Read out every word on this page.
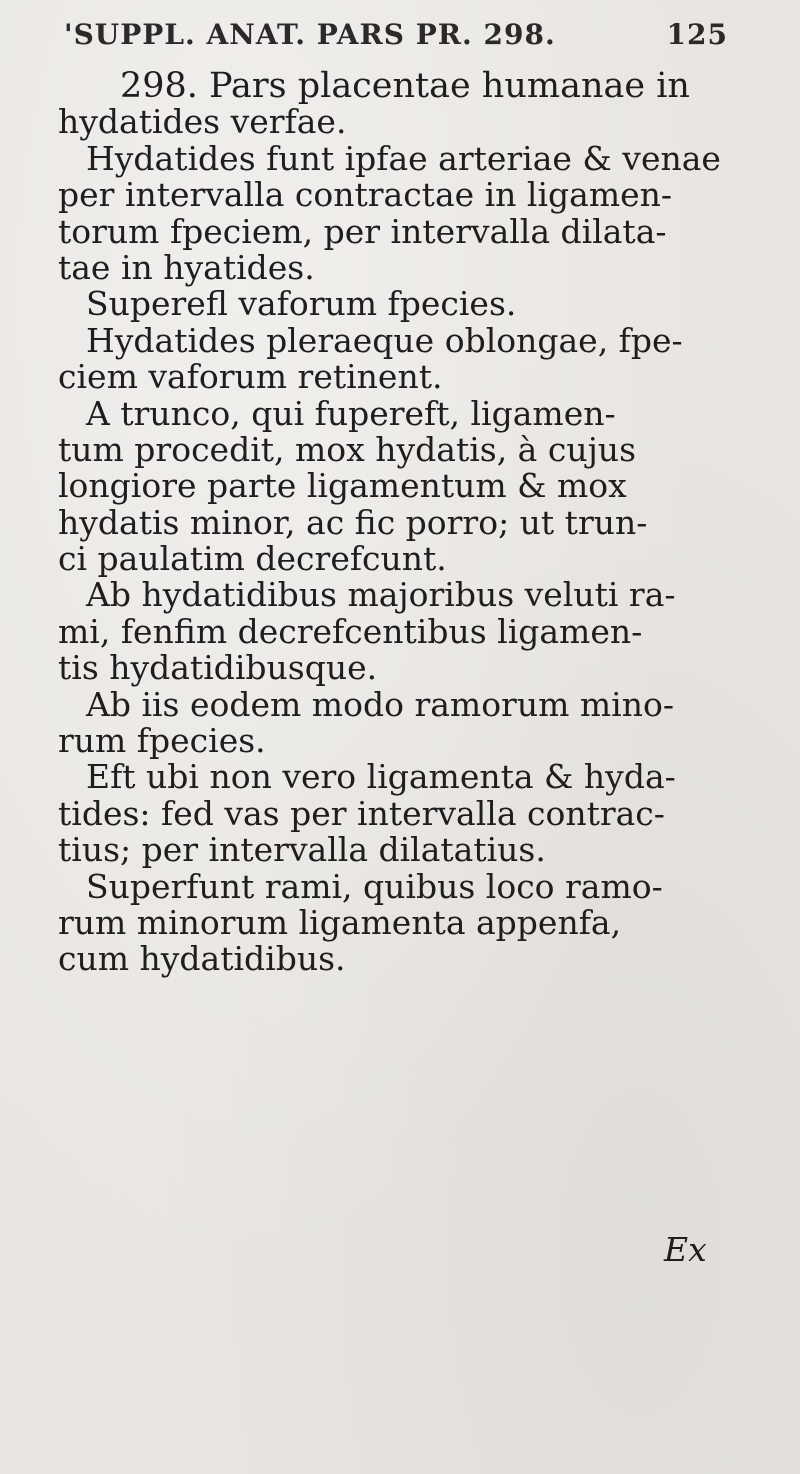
'SUPPL. ANAT. PARS PR. 298.	125
298. Pars placentae humanae in
hydatides verfae.
Hydatides funt ipfae arteriae & venae
per intervalla contractae in ligamen-
torum fpeciem, per intervalla dilata-
tae in hyatides.
Superefl vaforum fpecies.
Hydatides pleraeque oblongae, fpe-
ciem vaforum retinent.
A trunco, qui fupereft, ligamen-
tum procedit, mox hydatis, à cujus
longiore parte ligamentum & mox
hydatis minor, ac fic porro; ut trun-
ci paulatim decrefcunt.
Ab hydatidibus majoribus veluti ra-
mi, fenfim decrefcentibus ligamen-
tis hydatidibusque.
Ab iis eodem modo ramorum mino-
rum fpecies.
Eft ubi non vero ligamenta & hyda-
tides: fed vas per intervalla contrac-
tius; per intervalla dilatatius.
Superfunt rami, quibus loco ramo-
rum minorum ligamenta appenfa,
cum hydatidibus.
Ex
